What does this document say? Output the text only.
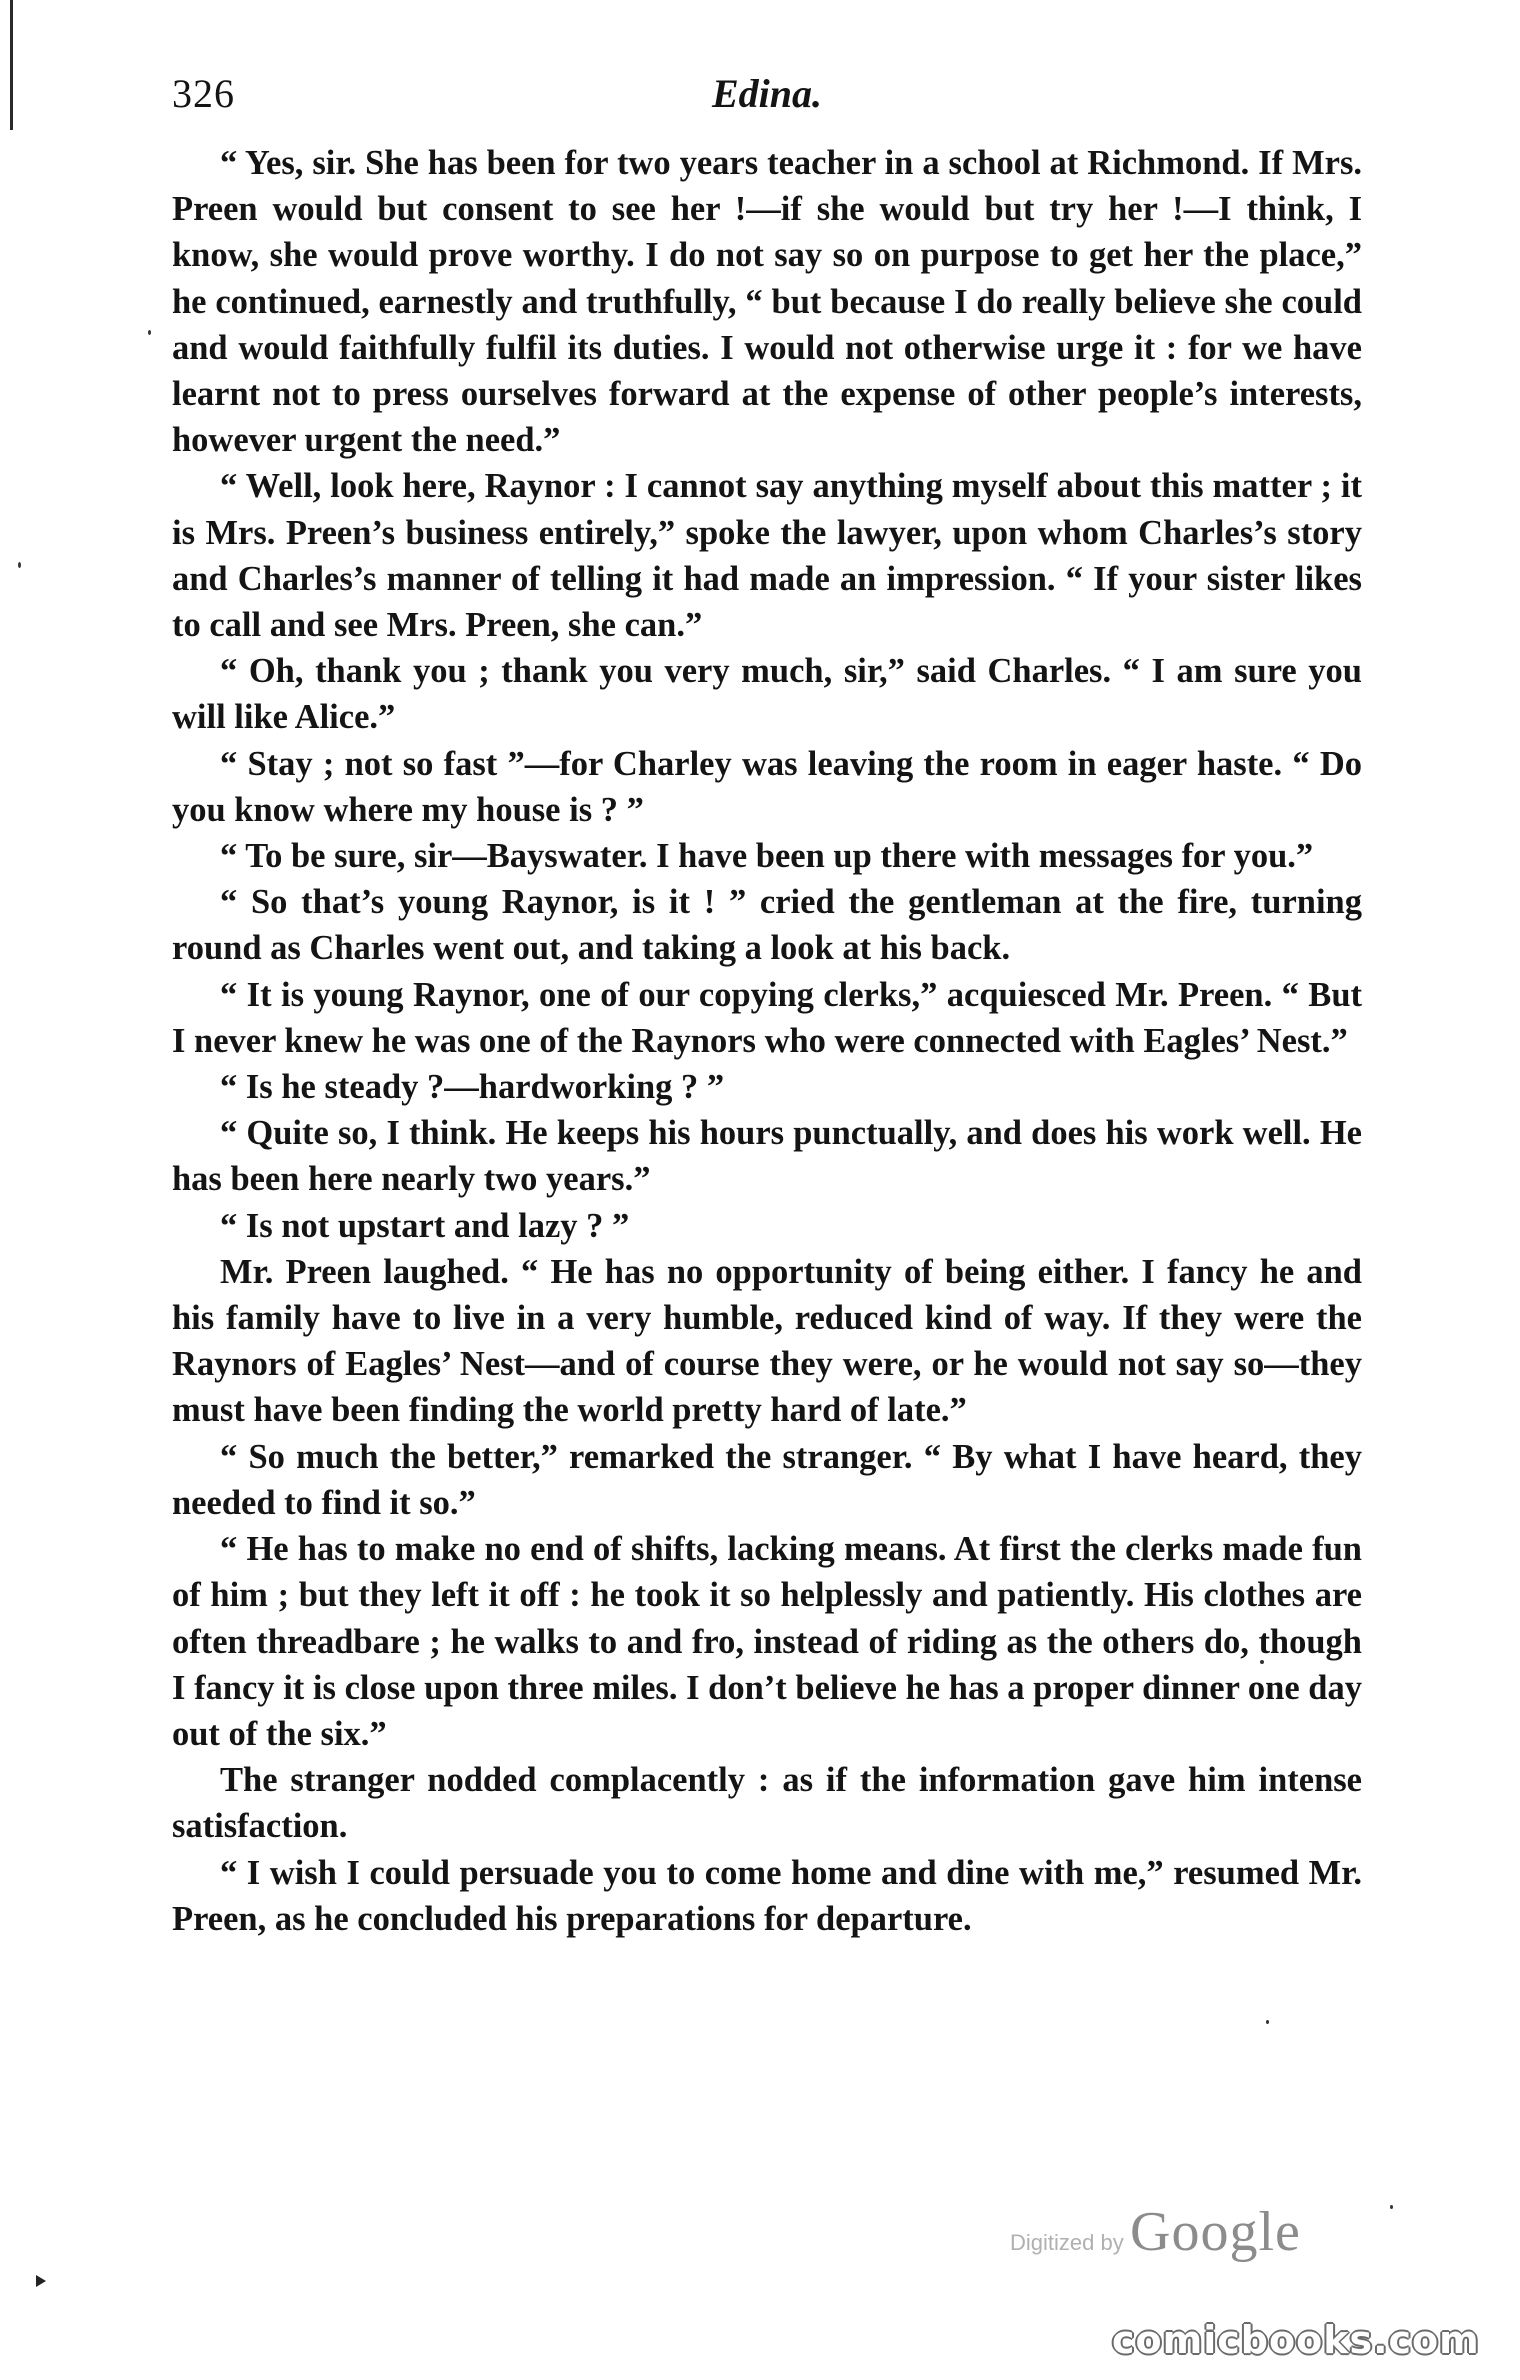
326	Edina.

“ Yes, sir. She has been for two years teacher in a school at Richmond. If Mrs. Preen would but consent to see her !—if she would but try her !—I think, I know, she would prove worthy. I do not say so on purpose to get her the place,” he continued, earnestly and truthfully, “ but because I do really believe she could and would faithfully fulfil its duties. I would not otherwise urge it : for we have learnt not to press ourselves forward at the expense of other people’s interests, however urgent the need.”

“ Well, look here, Raynor : I cannot say anything myself about this matter ; it is Mrs. Preen’s business entirely,” spoke the lawyer, upon whom Charles’s story and Charles’s manner of telling it had made an impression. “ If your sister likes to call and see Mrs. Preen, she can.”

“ Oh, thank you ; thank you very much, sir,” said Charles. “ I am sure you will like Alice.”

“ Stay ; not so fast ”—for Charley was leaving the room in eager haste. “ Do you know where my house is ? ”

“ To be sure, sir—Bayswater. I have been up there with messages for you.”

“ So that’s young Raynor, is it ! ” cried the gentleman at the fire, turning round as Charles went out, and taking a look at his back.

“ It is young Raynor, one of our copying clerks,” acquiesced Mr. Preen. “ But I never knew he was one of the Raynors who were connected with Eagles’ Nest.”

“ Is he steady ?—hardworking ? ”

“ Quite so, I think. He keeps his hours punctually, and does his work well. He has been here nearly two years.”

“ Is not upstart and lazy ? ”

Mr. Preen laughed. “ He has no opportunity of being either. I fancy he and his family have to live in a very humble, reduced kind of way. If they were the Raynors of Eagles’ Nest—and of course they were, or he would not say so—they must have been finding the world pretty hard of late.”

“ So much the better,” remarked the stranger. “ By what I have heard, they needed to find it so.”

“ He has to make no end of shifts, lacking means. At first the clerks made fun of him ; but they left it off : he took it so helplessly and patiently. His clothes are often threadbare ; he walks to and fro, instead of riding as the others do, though I fancy it is close upon three miles. I don’t believe he has a proper dinner one day out of the six.”

The stranger nodded complacently : as if the information gave him intense satisfaction.

“ I wish I could persuade you to come home and dine with me,” resumed Mr. Preen, as he concluded his preparations for departure.

Digitized by Google
comicbooks.com
